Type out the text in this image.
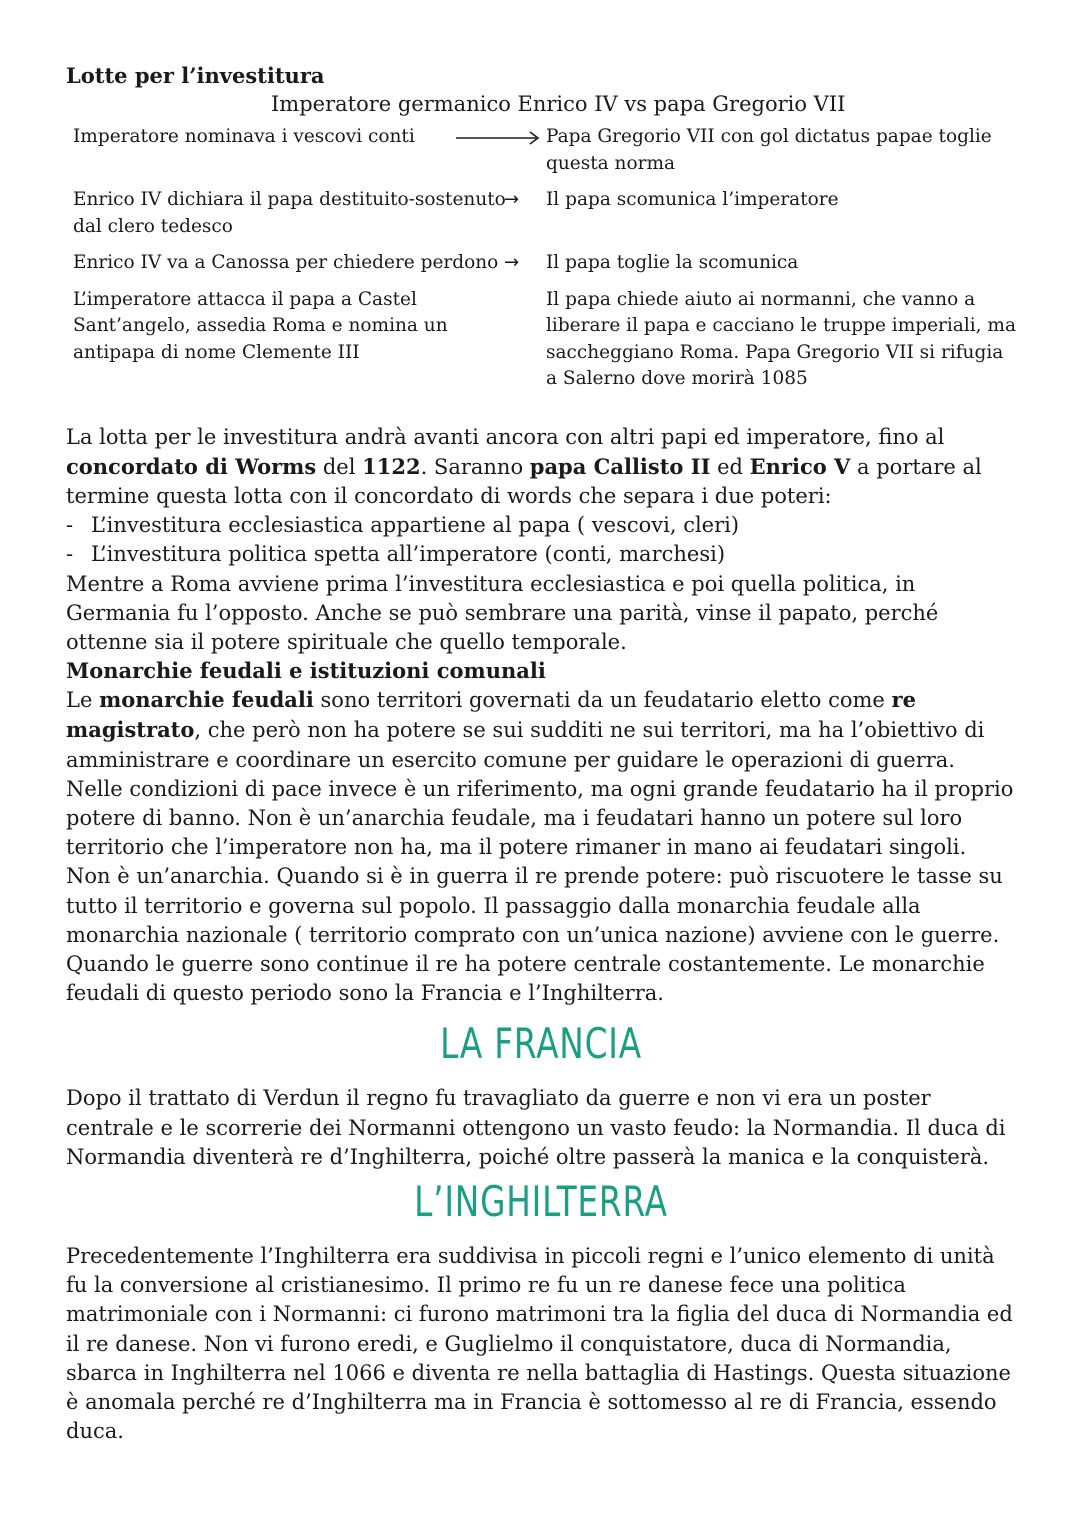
Lotte per l’investitura
Imperatore germanico Enrico IV vs papa Gregorio VII
Imperatore nominava i vescovi conti	Papa Gregorio VII con gol dictatus papae toglie questa norma
Enrico IV dichiara il papa destituito-sostenuto dal clero tedesco
→ Il papa scomunica l’imperatore
Enrico IV va a Canossa per chiedere perdono → Il papa toglie la scomunica
L’imperatore attacca il papa a Castel Sant’angelo, assedia Roma e nomina un antipapa di nome Clemente III
Il papa chiede aiuto ai normanni, che vanno a liberare il papa e cacciano le truppe imperiali, ma saccheggiano Roma. Papa Gregorio VII si rifugia a Salerno dove morirà 1085

La lotta per le investitura andrà avanti ancora con altri papi ed imperatore, fino al concordato di Worms del 1122. Saranno papa Callisto II ed Enrico V a portare al termine questa lotta con il concordato di words che separa i due poteri:

- L’investitura ecclesiastica appartiene al papa ( vescovi, cleri)
- L’investitura politica spetta all’imperatore (conti, marchesi)

Mentre a Roma avviene prima l’investitura ecclesiastica e poi quella politica, in Germania fu l’opposto. Anche se può sembrare una parità, vinse il papato, perché ottenne sia il potere spirituale che quello temporale.

Monarchie feudali e istituzioni comunali

Le monarchie feudali sono territori governati da un feudatario eletto come re magistrato, che però non ha potere se sui sudditi ne sui territori, ma ha l’obiettivo di amministrare e coordinare un esercito comune per guidare le operazioni di guerra. Nelle condizioni di pace invece è un riferimento, ma ogni grande feudatario ha il proprio potere di banno. Non è un’anarchia feudale, ma i feudatari hanno un potere sul loro territorio che l’imperatore non ha, ma il potere rimaner in mano ai feudatari singoli. Non è un’anarchia. Quando si è in guerra il re prende potere: può riscuotere le tasse su tutto il territorio e governa sul popolo. Il passaggio dalla monarchia feudale alla monarchia nazionale ( territorio comprato con un’unica nazione) avviene con le guerre. Quando le guerre sono continue il re ha potere centrale costantemente. Le monarchie feudali di questo periodo sono la Francia e l’Inghilterra.

LA FRANCIA

Dopo il trattato di Verdun il regno fu travagliato da guerre e non vi era un poster centrale e le scorrerie dei Normanni ottengono un vasto feudo: la Normandia. Il duca di Normandia diventerà re d’Inghilterra, poiché oltre passerà la manica e la conquisterà.

L’INGHILTERRA

Precedentemente l’Inghilterra era suddivisa in piccoli regni e l’unico elemento di unità fu la conversione al cristianesimo. Il primo re fu un re danese fece una politica matrimoniale con i Normanni: ci furono matrimoni tra la figlia del duca di Normandia ed il re danese. Non vi furono eredi, e Guglielmo il conquistatore, duca di Normandia, sbarca in Inghilterra nel 1066 e diventa re nella battaglia di Hastings. Questa situazione è anomala perché re d’Inghilterra ma in Francia è sottomesso al re di Francia, essendo duca.
